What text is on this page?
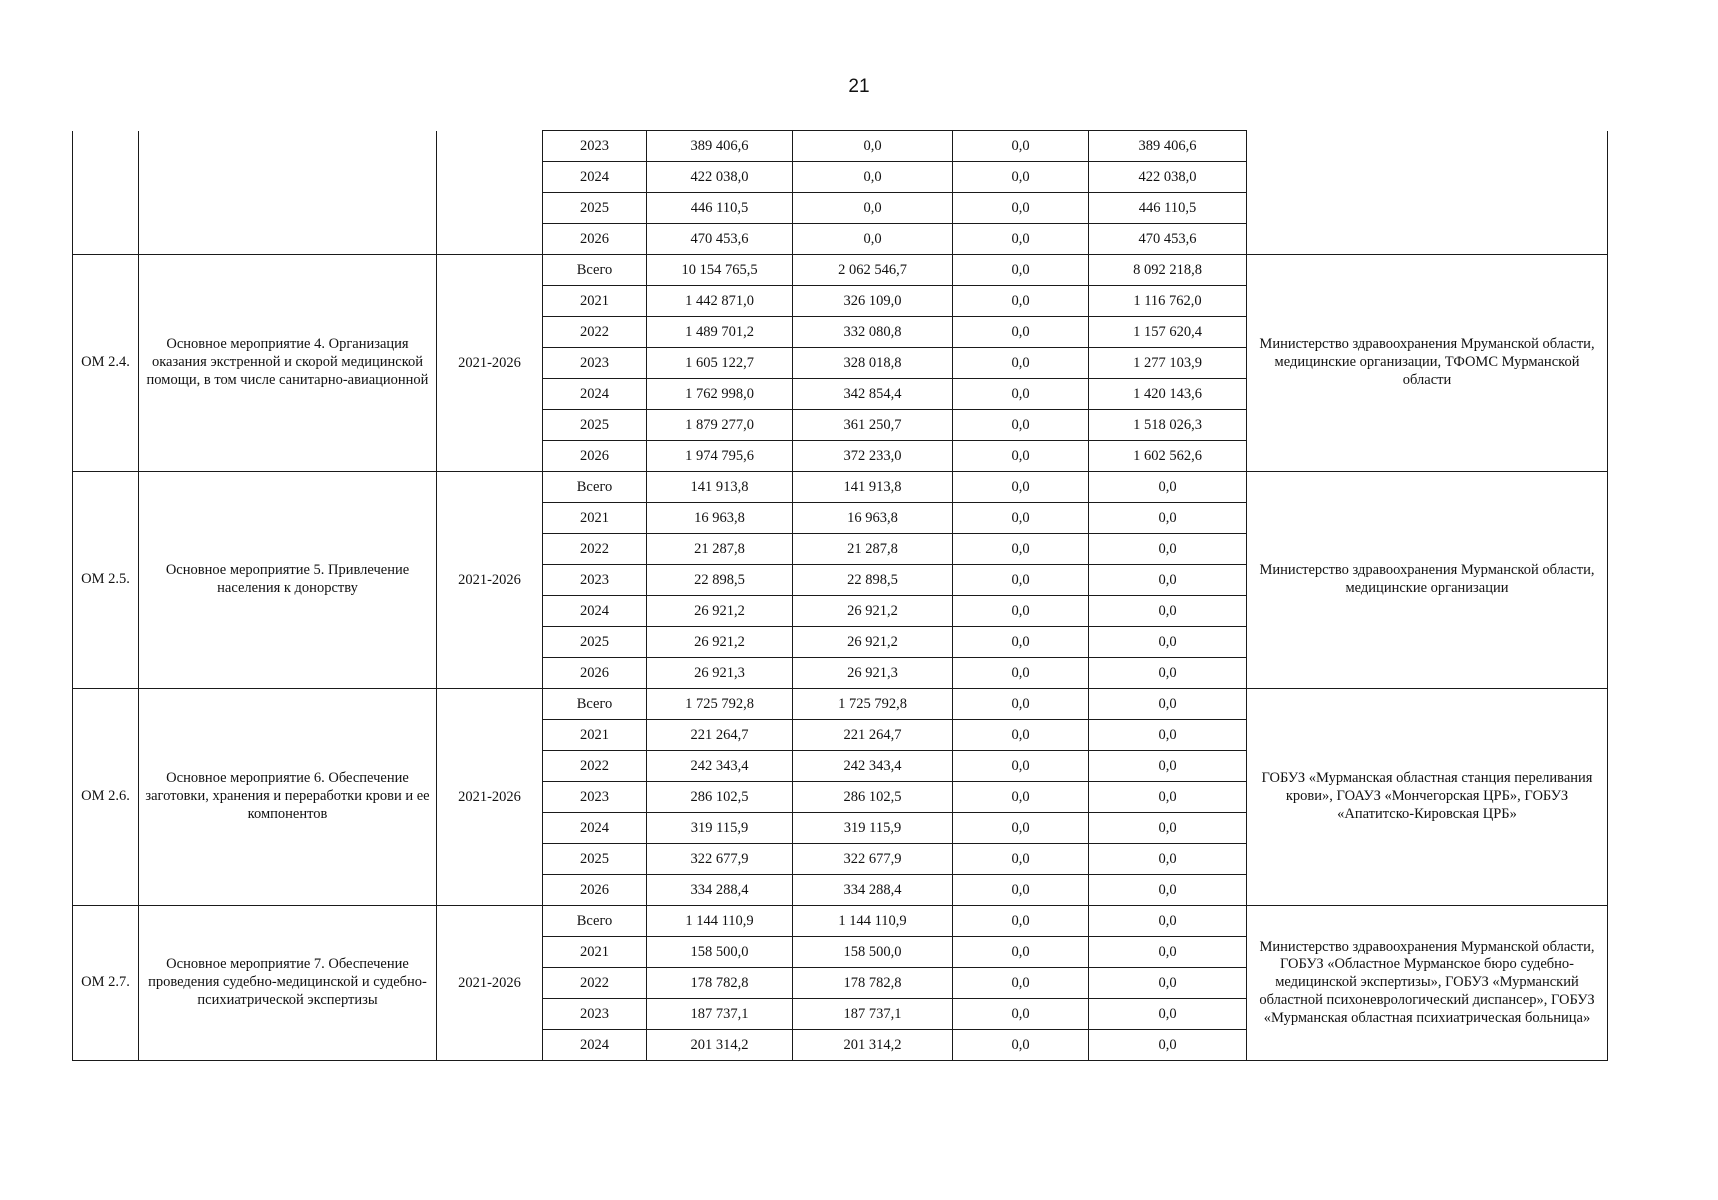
21
			2023	389 406,6	0,0	0,0	389 406,6	
			2024	422 038,0	0,0	0,0	422 038,0	
			2025	446 110,5	0,0	0,0	446 110,5	
			2026	470 453,6	0,0	0,0	470 453,6	
ОМ 2.4.	Основное мероприятие 4. Организация оказания экстренной и скорой медицинской помощи, в том числе санитарно-авиационной	2021-2026	Всего	10 154 765,5	2 062 546,7	0,0	8 092 218,8	Министерство здравоохранения Мруманской области, медицинские организации, ТФОМС Мурманской области
			2021	1 442 871,0	326 109,0	0,0	1 116 762,0	
			2022	1 489 701,2	332 080,8	0,0	1 157 620,4	
			2023	1 605 122,7	328 018,8	0,0	1 277 103,9	
			2024	1 762 998,0	342 854,4	0,0	1 420 143,6	
			2025	1 879 277,0	361 250,7	0,0	1 518 026,3	
			2026	1 974 795,6	372 233,0	0,0	1 602 562,6	
ОМ 2.5.	Основное мероприятие 5. Привлечение населения к донорству	2021-2026	Всего	141 913,8	141 913,8	0,0	0,0	Министерство здравоохранения Мурманской области, медицинские организации
			2021	16 963,8	16 963,8	0,0	0,0	
			2022	21 287,8	21 287,8	0,0	0,0	
			2023	22 898,5	22 898,5	0,0	0,0	
			2024	26 921,2	26 921,2	0,0	0,0	
			2025	26 921,2	26 921,2	0,0	0,0	
			2026	26 921,3	26 921,3	0,0	0,0	
ОМ 2.6.	Основное мероприятие 6. Обеспечение заготовки, хранения и переработки крови и ее компонентов	2021-2026	Всего	1 725 792,8	1 725 792,8	0,0	0,0	ГОБУЗ «Мурманская областная станция переливания крови», ГОАУЗ «Мончегорская ЦРБ», ГОБУЗ «Апатитско-Кировская ЦРБ»
			2021	221 264,7	221 264,7	0,0	0,0	
			2022	242 343,4	242 343,4	0,0	0,0	
			2023	286 102,5	286 102,5	0,0	0,0	
			2024	319 115,9	319 115,9	0,0	0,0	
			2025	322 677,9	322 677,9	0,0	0,0	
			2026	334 288,4	334 288,4	0,0	0,0	
ОМ 2.7.	Основное мероприятие 7. Обеспечение проведения судебно-медицинской и судебно-психиатрической экспертизы	2021-2026	Всего	1 144 110,9	1 144 110,9	0,0	0,0	Министерство здравоохранения Мурманской области, ГОБУЗ «Областное Мурманское бюро судебно-медицинской экспертизы», ГОБУЗ «Мурманский областной психоневрологический диспансер», ГОБУЗ «Мурманская областная психиатрическая больница»
			2021	158 500,0	158 500,0	0,0	0,0	
			2022	178 782,8	178 782,8	0,0	0,0	
			2023	187 737,1	187 737,1	0,0	0,0	
			2024	201 314,2	201 314,2	0,0	0,0	
